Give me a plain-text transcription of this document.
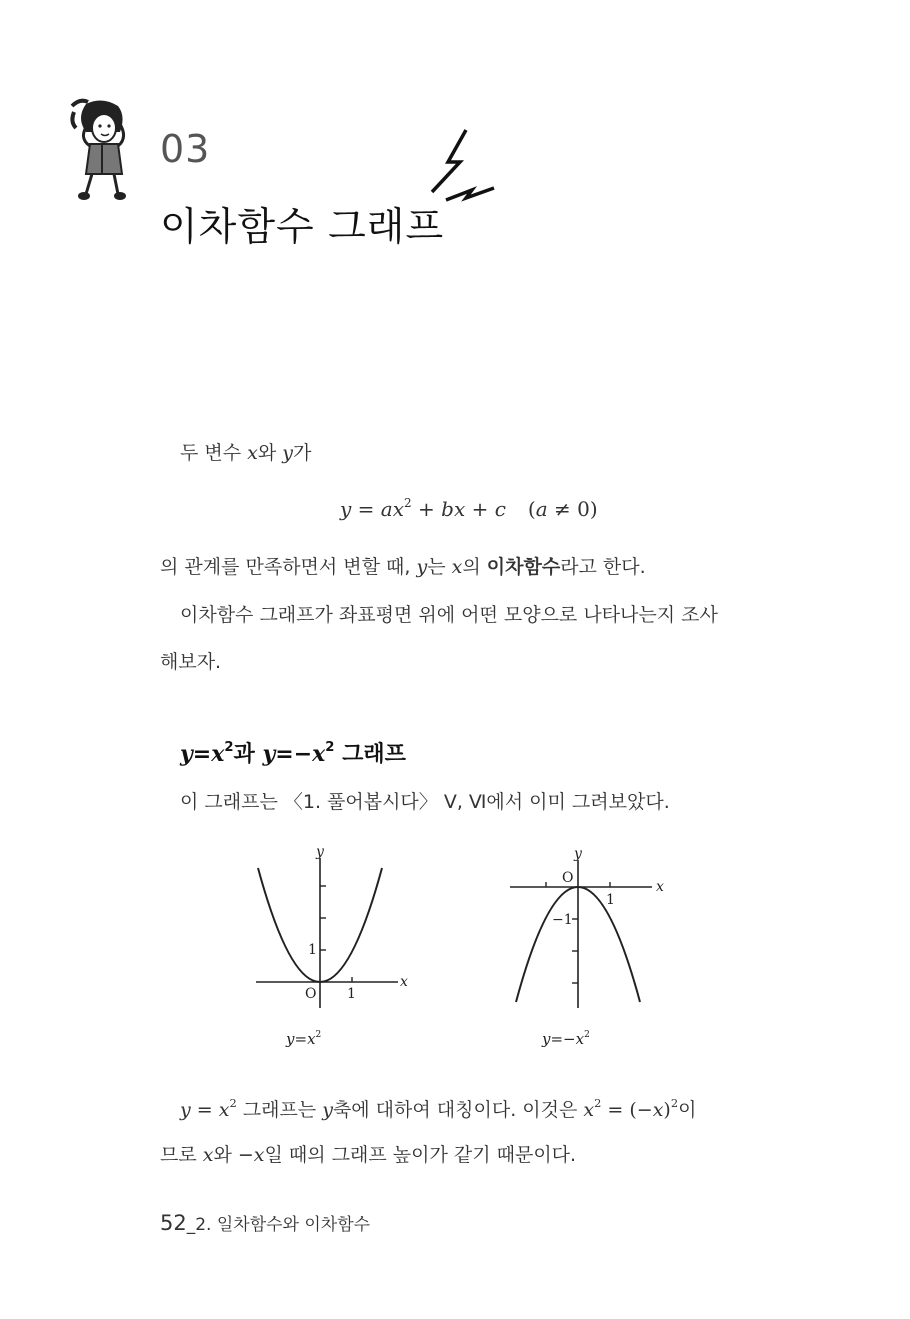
03
이차함수 그래프
두 변수 x와 y가
$y = ax^2$ + bx + c (a ≠ 0)
의 관계를 만족하면서 변할 때, y는 x의 이차함수라고 한다.
이차함수 그래프가 좌표평면 위에 어떤 모양으로 나타나는지 조사
해보자.
$y=x^2$과 $y=-x^2$ 그래프
이 그래프는 〈1. 풀어봅시다〉 Ⅴ, Ⅵ에서 이미 그려보았다.
x
y
O 1
1
$y=x^2$
x
y
O
1
−1
$y=-x^2$
$y = x^2$ 그래프는 y축에 대하여 대칭이다. 이것은 $x^2 = (-x)^2$이
므로 x와 −x일 때의 그래프 높이가 같기 때문이다.
52_2. 일차함수와 이차함수
